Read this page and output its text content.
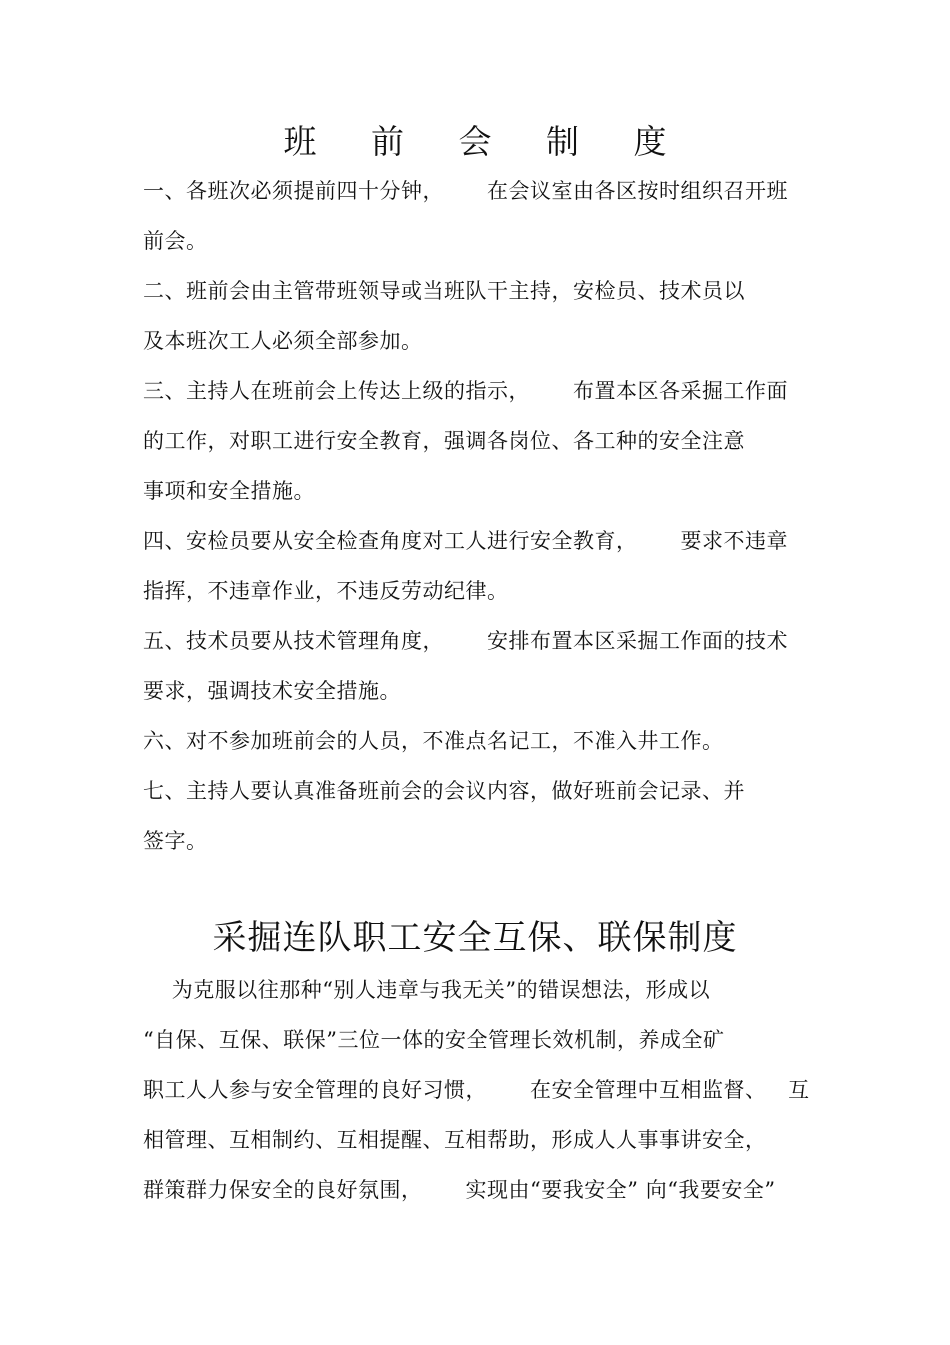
班 前 会 制 度
一、各班次必须提前四十分钟，      在会议室由各区按时组织召开班
前会。
二、班前会由主管带班领导或当班队干主持，安检员、技术员以
及本班次工人必须全部参加。
三、主持人在班前会上传达上级的指示，      布置本区各采掘工作面
的工作，对职工进行安全教育，强调各岗位、各工种的安全注意
事项和安全措施。
四、安检员要从安全检查角度对工人进行安全教育，      要求不违章
指挥，不违章作业，不违反劳动纪律。
五、技术员要从技术管理角度，      安排布置本区采掘工作面的技术
要求，强调技术安全措施。
六、对不参加班前会的人员，不准点名记工，不准入井工作。
七、主持人要认真准备班前会的会议内容，做好班前会记录、并
签字。
采掘连队职工安全互保、联保制度
为克服以往那种“别人违章与我无关”的错误想法，形成以
“自保、互保、联保”三位一体的安全管理长效机制，养成全矿
职工人人参与安全管理的良好习惯，      在安全管理中互相监督、   互
相管理、互相制约、互相提醒、互相帮助，形成人人事事讲安全，
群策群力保安全的良好氛围，      实现由“要我安全” 向“我要安全”
